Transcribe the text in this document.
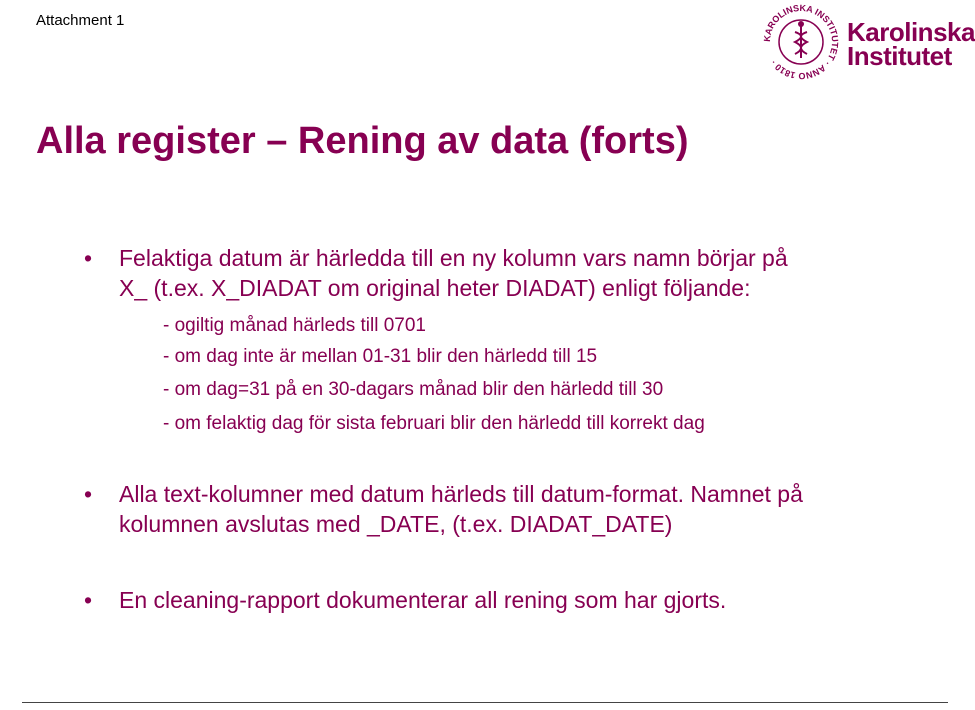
Attachment 1
KAROLINSKA INSTITUTET · ANNO 1810 ·
Karolinska
Institutet
Alla register – Rening av data (forts)
• Felaktiga datum är härledda till en ny kolumn vars namn börjar på
X_ (t.ex. X_DIADAT om original heter DIADAT) enligt följande:
- ogiltig månad härleds till 0701
- om dag inte är mellan 01-31 blir den härledd till 15
- om dag=31 på en 30-dagars månad blir den härledd till 30
- om felaktig dag för sista februari blir den härledd till korrekt dag
• Alla text-kolumner med datum härleds till datum-format. Namnet på
kolumnen avslutas med _DATE, (t.ex. DIADAT_DATE)
• En cleaning-rapport dokumenterar all rening som har gjorts.
